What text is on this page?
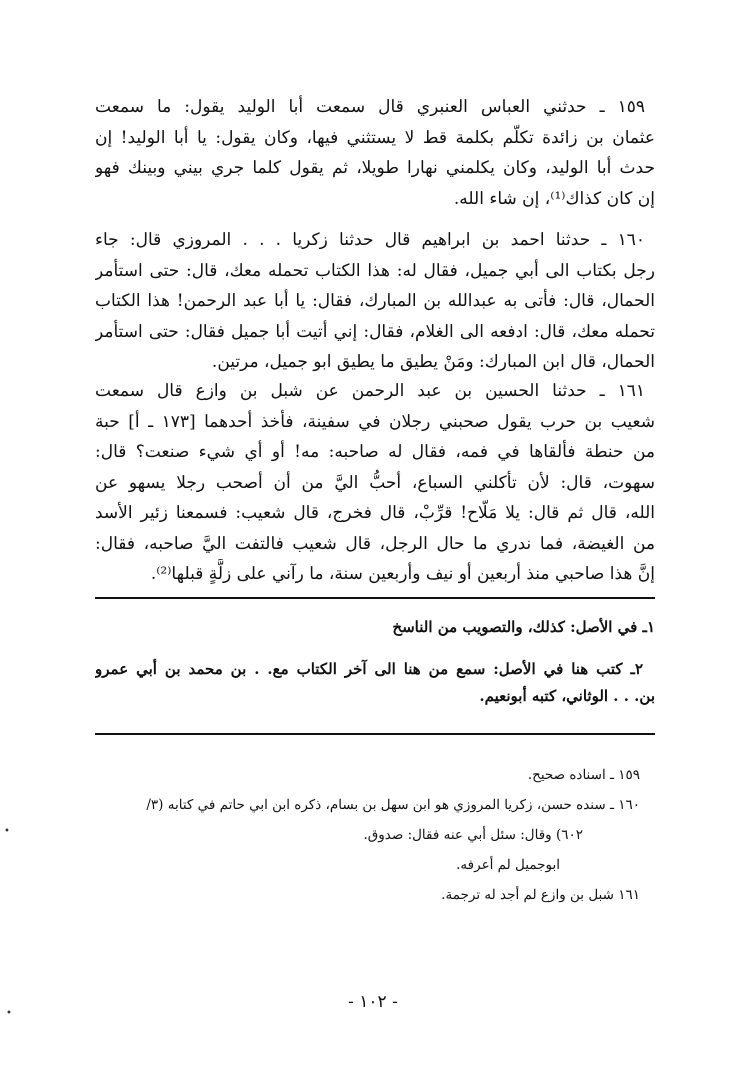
١٥٩ ـ حدثني العباس العنبري قال سمعت أبا الوليد يقول: ما سمعت
عثمان بن زائدة تكلّم بكلمة قط لا يستثني فيها، وكان يقول: يا أبا الوليد! إن
حدث أبا الوليد، وكان يكلمني نهارا طويلا، ثم يقول كلما جري بيني وبينك فهو
إن كان كذاك⁽¹⁾، إن شاء الله.
١٦٠ ـ حدثنا احمد بن ابراهيم قال حدثنا زكريا . . . المروزي قال: جاء
رجل بكتاب الى أبي جميل، فقال له: هذا الكتاب تحمله معك، قال: حتى استأمر
الحمال، قال: فأتى به عبدالله بن المبارك، فقال: يا أبا عبد الرحمن! هذا الكتاب
تحمله معك، قال: ادفعه الى الغلام، فقال: إني أتيت أبا جميل فقال: حتى استأمر
الحمال، قال ابن المبارك: ومَنْ يطيق ما يطيق ابو جميل، مرتين.
١٦١ ـ حدثنا الحسين بن عبد الرحمن عن شبل بن وازع قال سمعت
شعيب بن حرب يقول صحبني رجلان في سفينة، فأخذ أحدهما [١٧٣ ـ أ] حبة
من حنطة فألقاها في فمه، فقال له صاحبه: مه! أو أي شيء صنعت؟ قال:
سهوت، قال: لأن تأكلني السباع، أحبُّ اليَّ من أن أصحب رجلا يسهو عن
الله، قال ثم قال: يلا مَلّاح! قرِّبْ، قال فخرج، قال شعيب: فسمعنا زئير الأسد
من الغيضة، فما ندري ما حال الرجل، قال شعيب فالتفت اليَّ صاحبه، فقال:
إنَّ هذا صاحبي منذ أربعين أو نيف وأربعين سنة، ما رآني على زلَّةٍ قبلها⁽²⁾.
١ـ في الأصل: كذلك، والتصويب من الناسخ
٢ـ كتب هنا في الأصل: سمع من هنا الى آخر الكتاب مع. . بن محمد بن أبي عمرو
بن. . . الوثاني، كتبه أبونعيم.
١٥٩ ـ اسناده صحيح.
١٦٠ ـ سنده حسن، زكريا المروزي هو ابن سهل بن بسام، ذكره ابن ابي حاتم في كتابه (٣/
٦٠٢) وقال: سئل أبي عنه فقال: صدوق.
ابوجميل لم أعرفه.
١٦١ شبل بن وازع لم أجد له ترجمة.
- ١٠٢ -
•
•
